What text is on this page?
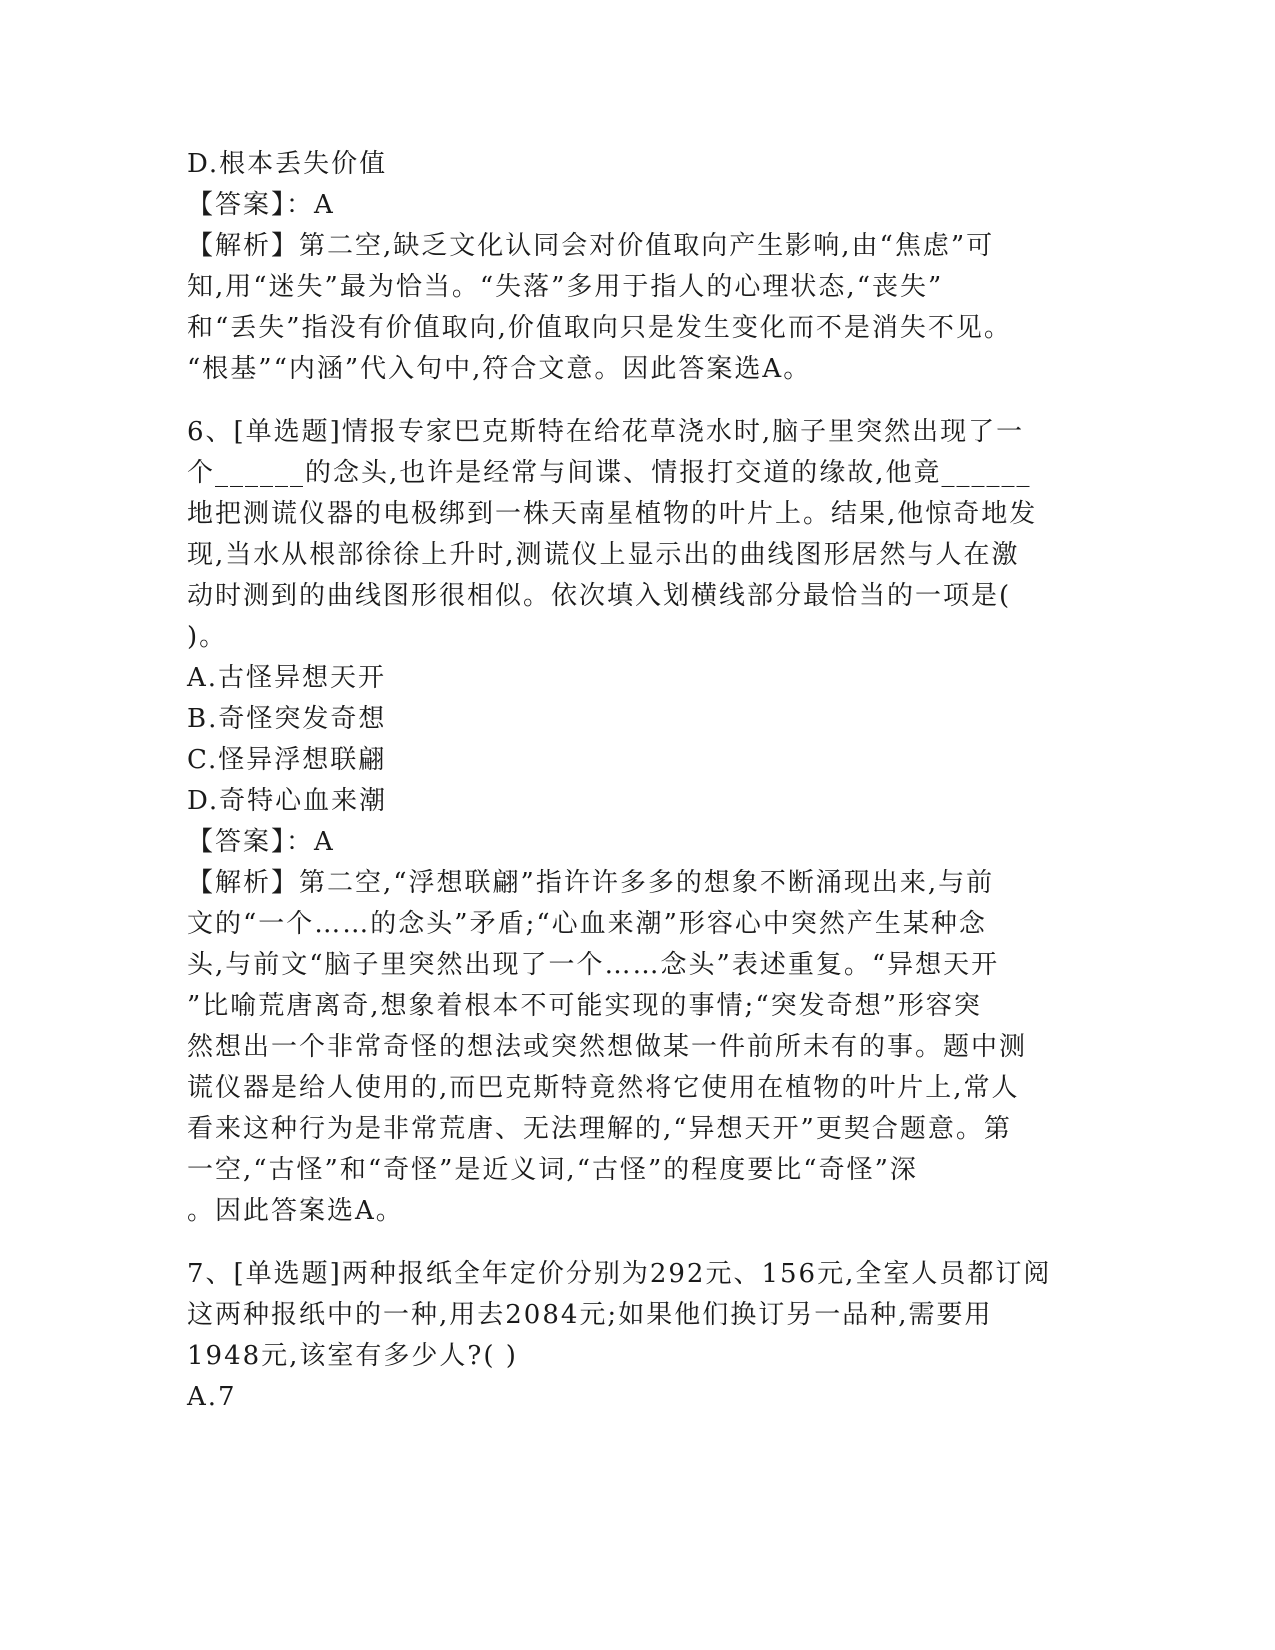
D.根本丢失价值
【答案】：A
【解析】第二空,缺乏文化认同会对价值取向产生影响,由“焦虑”可
知,用“迷失”最为恰当。“失落”多用于指人的心理状态,“丧失”
和“丢失”指没有价值取向,价值取向只是发生变化而不是消失不见。
“根基”“内涵”代入句中,符合文意。因此答案选A。
6、[单选题]情报专家巴克斯特在给花草浇水时,脑子里突然出现了一
个______的念头,也许是经常与间谍、情报打交道的缘故,他竟______
地把测谎仪器的电极绑到一株天南星植物的叶片上。结果,他惊奇地发
现,当水从根部徐徐上升时,测谎仪上显示出的曲线图形居然与人在激
动时测到的曲线图形很相似。依次填入划横线部分最恰当的一项是(
)。
A.古怪异想天开
B.奇怪突发奇想
C.怪异浮想联翩
D.奇特心血来潮
【答案】：A
【解析】第二空,“浮想联翩”指许许多多的想象不断涌现出来,与前
文的“一个……的念头”矛盾;“心血来潮”形容心中突然产生某种念
头,与前文“脑子里突然出现了一个……念头”表述重复。“异想天开
”比喻荒唐离奇,想象着根本不可能实现的事情;“突发奇想”形容突
然想出一个非常奇怪的想法或突然想做某一件前所未有的事。题中测
谎仪器是给人使用的,而巴克斯特竟然将它使用在植物的叶片上,常人
看来这种行为是非常荒唐、无法理解的,“异想天开”更契合题意。第
一空,“古怪”和“奇怪”是近义词,“古怪”的程度要比“奇怪”深
。因此答案选A。
7、[单选题]两种报纸全年定价分别为292元、156元,全室人员都订阅
这两种报纸中的一种,用去2084元;如果他们换订另一品种,需要用
1948元,该室有多少人?( )
A.7
